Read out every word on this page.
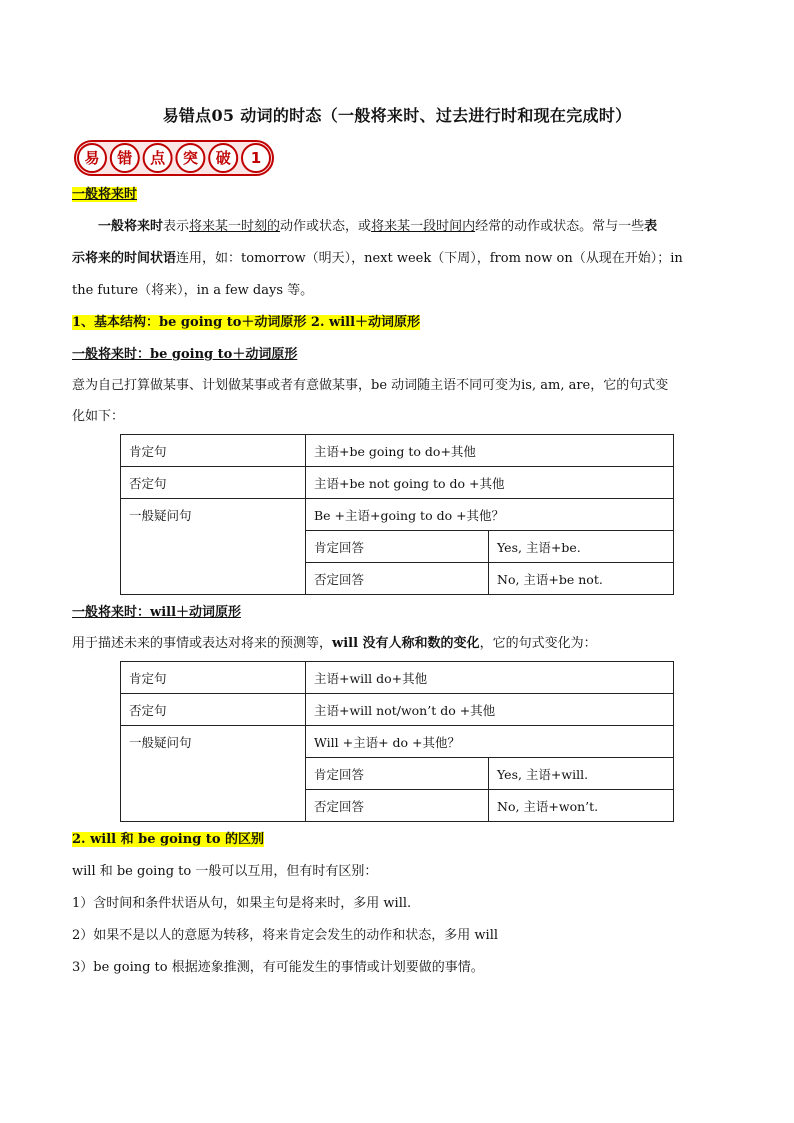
易错点05 动词的时态（一般将来时、过去进行时和现在完成时）
易 错 点 突 破 1
一般将来时
一般将来时表示将来某一时刻的动作或状态，或将来某一段时间内经常的动作或状态。常与一些表
示将来的时间状语连用，如：tomorrow（明天），next week（下周），from now on（从现在开始）；in
the future（将来），in a few days 等。
1、基本结构：be going to＋动词原形 2. will＋动词原形
一般将来时：be going to＋动词原形
意为自己打算做某事、计划做某事或者有意做某事，be 动词随主语不同可变为is, am, are，它的句式变
化如下：
肯定句	主语+be going to do+其他	
否定句	主语+be not going to do +其他	
一般疑问句	Be +主语+going to do +其他？	
	肯定回答	Yes, 主语+be.
	否定回答	No, 主语+be not.
一般将来时：will＋动词原形
用于描述未来的事情或表达对将来的预测等，will 没有人称和数的变化，它的句式变化为：
肯定句	主语+will do+其他	
否定句	主语+will not/won’t do +其他	
一般疑问句	Will +主语+ do +其他？	
	肯定回答	Yes, 主语+will.
	否定回答	No, 主语+won’t.
2. will 和 be going to 的区别
will 和 be going to 一般可以互用，但有时有区别：
1）含时间和条件状语从句，如果主句是将来时，多用 will.
2）如果不是以人的意愿为转移，将来肯定会发生的动作和状态，多用 will
3）be going to 根据迹象推测，有可能发生的事情或计划要做的事情。
